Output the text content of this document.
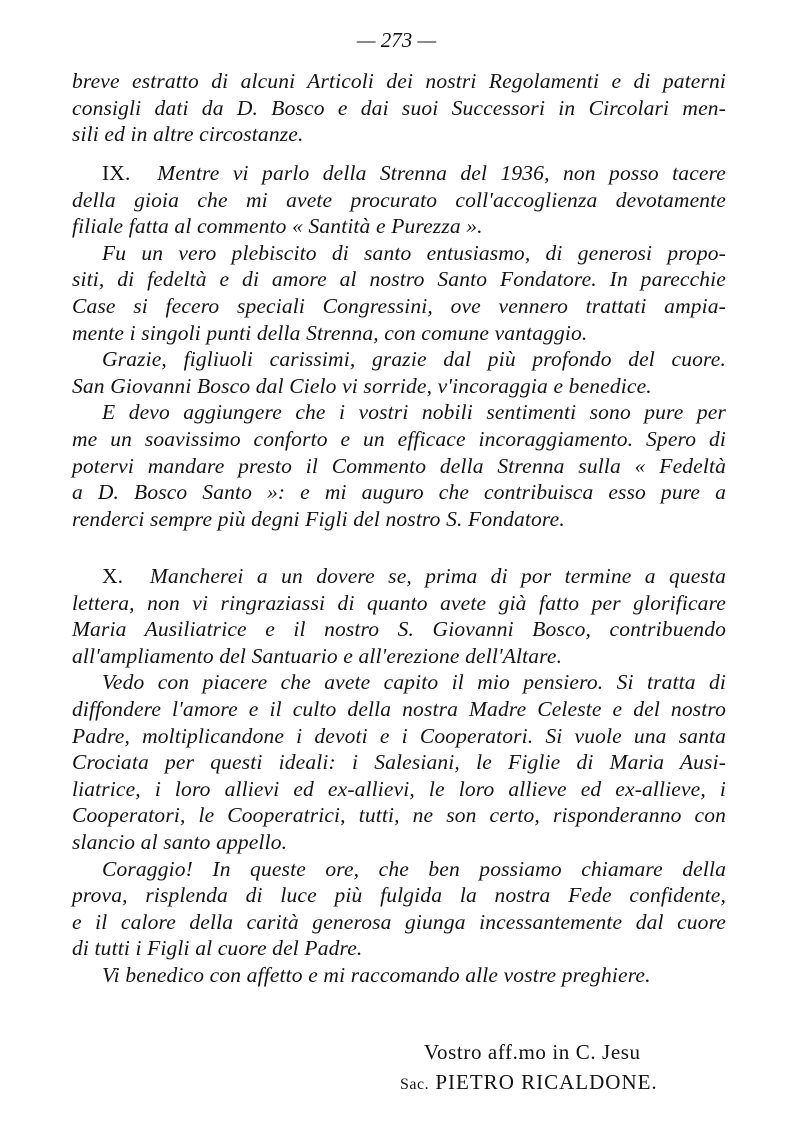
— 273 —
breve estratto di alcuni Articoli dei nostri Regolamenti e di paterni
consigli dati da D. Bosco e dai suoi Successori in Circolari men-
sili ed in altre circostanze.
IX. Mentre vi parlo della Strenna del 1936, non posso tacere
della gioia che mi avete procurato coll'accoglienza devotamente
filiale fatta al commento « Santità e Purezza ».
Fu un vero plebiscito di santo entusiasmo, di generosi propo-
siti, di fedeltà e di amore al nostro Santo Fondatore. In parecchie
Case si fecero speciali Congressini, ove vennero trattati ampia-
mente i singoli punti della Strenna, con comune vantaggio.
Grazie, figliuoli carissimi, grazie dal più profondo del cuore.
San Giovanni Bosco dal Cielo vi sorride, v'incoraggia e benedice.
E devo aggiungere che i vostri nobili sentimenti sono pure per
me un soavissimo conforto e un efficace incoraggiamento. Spero di
potervi mandare presto il Commento della Strenna sulla « Fedeltà
a D. Bosco Santo »: e mi auguro che contribuisca esso pure a
renderci sempre più degni Figli del nostro S. Fondatore.
X. Mancherei a un dovere se, prima di por termine a questa
lettera, non vi ringraziassi di quanto avete già fatto per glorificare
Maria Ausiliatrice e il nostro S. Giovanni Bosco, contribuendo
all'ampliamento del Santuario e all'erezione dell'Altare.
Vedo con piacere che avete capito il mio pensiero. Si tratta di
diffondere l'amore e il culto della nostra Madre Celeste e del nostro
Padre, moltiplicandone i devoti e i Cooperatori. Si vuole una santa
Crociata per questi ideali: i Salesiani, le Figlie di Maria Ausi-
liatrice, i loro allievi ed ex-allievi, le loro allieve ed ex-allieve, i
Cooperatori, le Cooperatrici, tutti, ne son certo, risponderanno con
slancio al santo appello.
Coraggio! In queste ore, che ben possiamo chiamare della
prova, risplenda di luce più fulgida la nostra Fede confidente,
e il calore della carità generosa giunga incessantemente dal cuore
di tutti i Figli al cuore del Padre.
Vi benedico con affetto e mi raccomando alle vostre preghiere.
Vostro aff.mo in C. Jesu
Sac. PIETRO RICALDONE.
